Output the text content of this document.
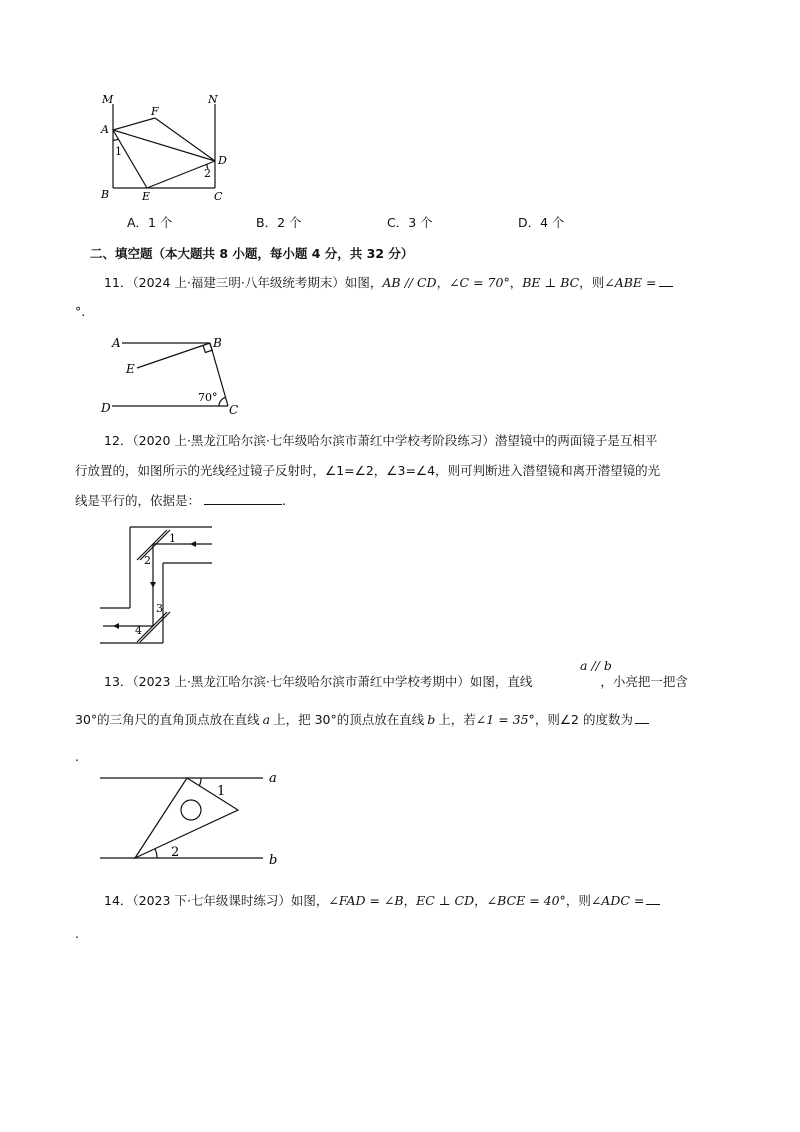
M	N
A
F
1
D
2
B	E	C
A．1 个	B．2 个	C．3 个	D．4 个
二、填空题（本大题共 8 小题，每小题 4 分，共 32 分）
11．（2024 上·福建三明·八年级统考期末）如图，AB // CD，∠C = 70°，BE ⊥ BC，则∠ABE =
°.
A	B
E
D	C
70°
12．（2020 上·黑龙江哈尔滨·七年级哈尔滨市萧红中学校考阶段练习）潜望镜中的两面镜子是互相平
行放置的，如图所示的光线经过镜子反射时，∠1=∠2，∠3=∠4，则可判断进入潜望镜和离开潜望镜的光
线是平行的，依据是：	.
1
2
3
4
a // b
13．（2023 上·黑龙江哈尔滨·七年级哈尔滨市萧红中学校考期中）如图，直线	，小亮把一把含
30°的三角尺的直角顶点放在直线 a 上，把 30°的顶点放在直线 b 上，若∠1 = 35°，则∠2 的度数为
.
a
b
1
2
14．（2023 下·七年级课时练习）如图，∠FAD = ∠B，EC ⊥ CD，∠BCE = 40°，则∠ADC =
.
